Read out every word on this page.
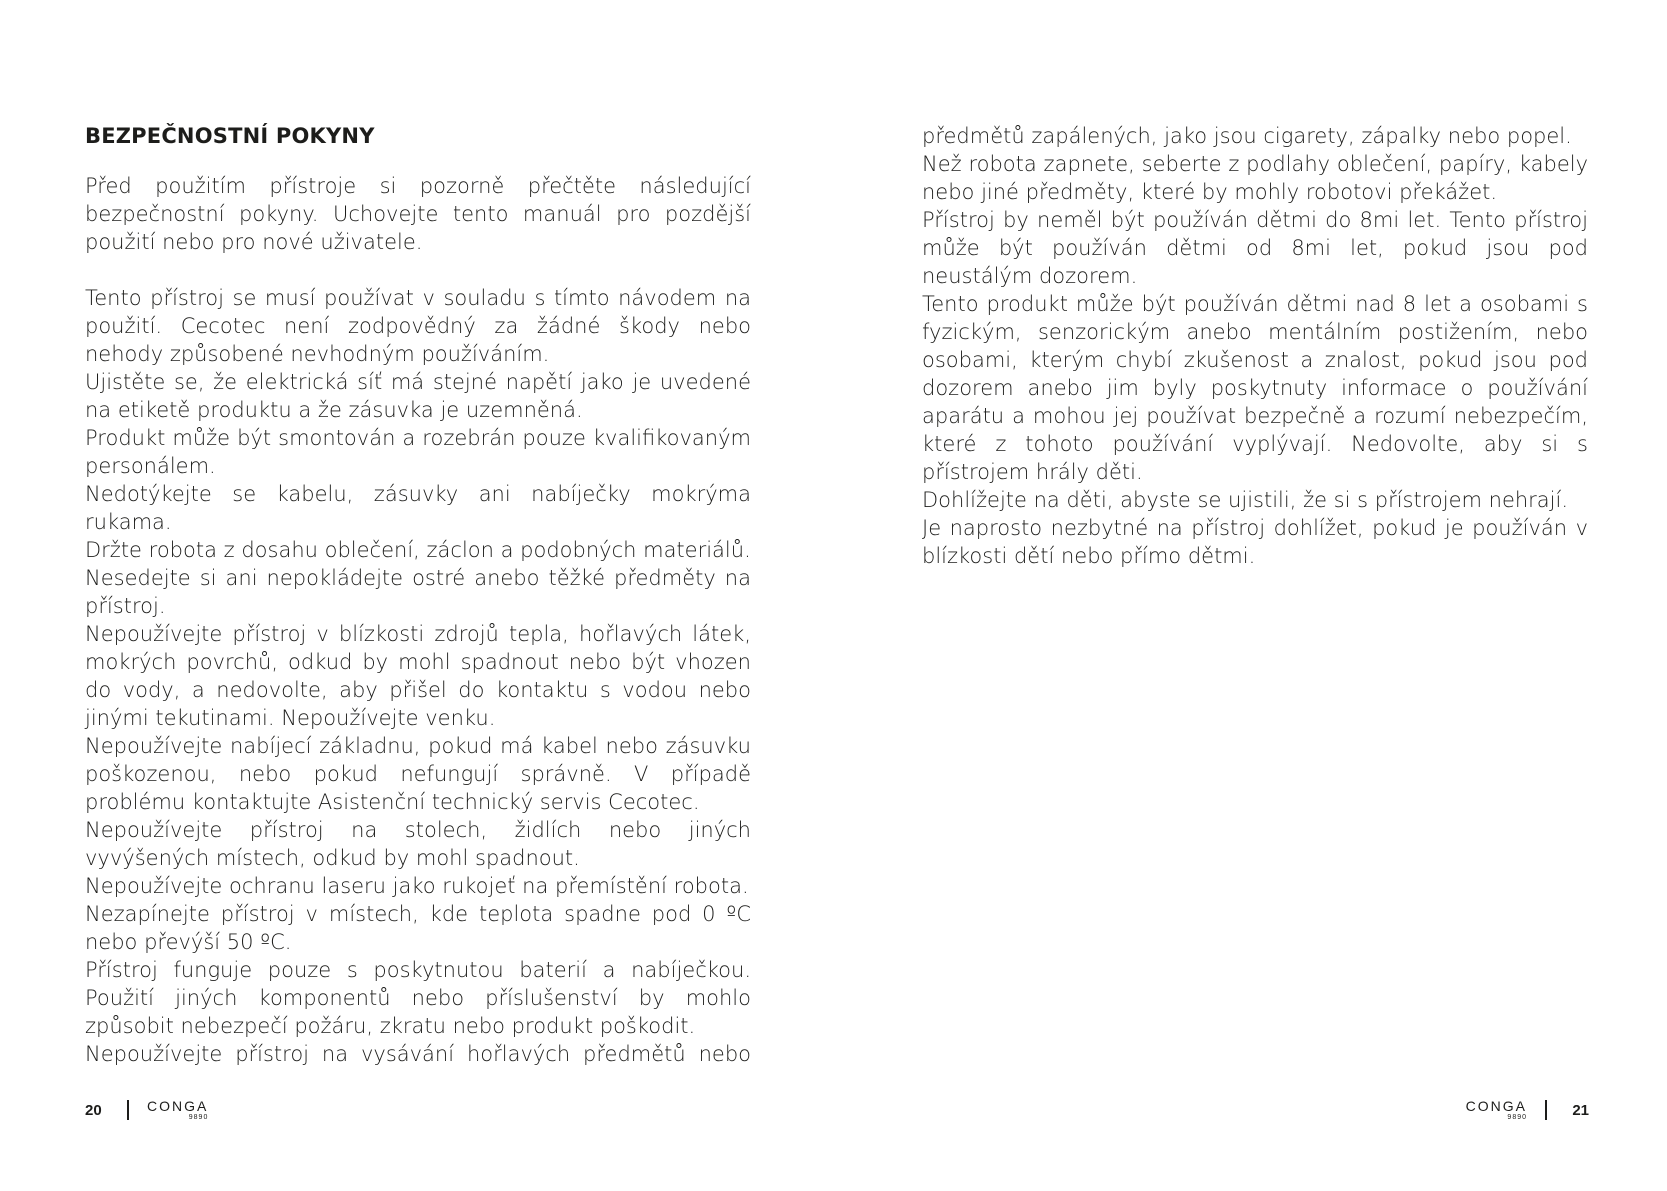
BEZPEČNOSTNÍ POKYNY

Před použitím přístroje si pozorně přečtěte následující bezpečnostní pokyny. Uchovejte tento manuál pro pozdější použití nebo pro nové uživatele.

Tento přístroj se musí používat v souladu s tímto návodem na použití. Cecotec není zodpovědný za žádné škody nebo nehody způsobené nevhodným používáním.

Ujistěte se, že elektrická síť má stejné napětí jako je uvedené na etiketě produktu a že zásuvka je uzemněná.

Produkt může být smontován a rozebrán pouze kvalifikovaným personálem.

Nedotýkejte se kabelu, zásuvky ani nabíječky mokrýma rukama.

Držte robota z dosahu oblečení, záclon a podobných materiálů.

Nesedejte si ani nepokládejte ostré anebo těžké předměty na přístroj.

Nepoužívejte přístroj v blízkosti zdrojů tepla, hořlavých látek, mokrých povrchů, odkud by mohl spadnout nebo být vhozen do vody, a nedovolte, aby přišel do kontaktu s vodou nebo jinými tekutinami. Nepoužívejte venku.

Nepoužívejte nabíjecí základnu, pokud má kabel nebo zásuvku poškozenou, nebo pokud nefungují správně. V případě problému kontaktujte Asistenční technický servis Cecotec.

Nepoužívejte přístroj na stolech, židlích nebo jiných vyvýšených místech, odkud by mohl spadnout.

Nepoužívejte ochranu laseru jako rukojeť na přemístění robota.

Nezapínejte přístroj v místech, kde teplota spadne pod 0 ºC nebo převýší 50 ºC.

Přístroj funguje pouze s poskytnutou baterií a nabíječkou. Použití jiných komponentů nebo příslušenství by mohlo způsobit nebezpečí požáru, zkratu nebo produkt poškodit.

Nepoužívejte přístroj na vysávání hořlavých předmětů nebo

předmětů zapálených, jako jsou cigarety, zápalky nebo popel.

Než robota zapnete, seberte z podlahy oblečení, papíry, kabely nebo jiné předměty, které by mohly robotovi překážet.

Přístroj by neměl být používán dětmi do 8mi let. Tento přístroj může být používán dětmi od 8mi let, pokud jsou pod neustálým dozorem.

Tento produkt může být používán dětmi nad 8 let a osobami s fyzickým, senzorickým anebo mentálním postižením, nebo osobami, kterým chybí zkušenost a znalost, pokud jsou pod dozorem anebo jim byly poskytnuty informace o používání aparátu a mohou jej používat bezpečně a rozumí nebezpečím, které z tohoto používání vyplývají. Nedovolte, aby si s přístrojem hrály děti.

Dohlížejte na děti, abyste se ujistili, že si s přístrojem nehrají.

Je naprosto nezbytné na přístroj dohlížet, pokud je používán v blízkosti dětí nebo přímo dětmi.

20	CONGA
9890
CONGA
9890	21
